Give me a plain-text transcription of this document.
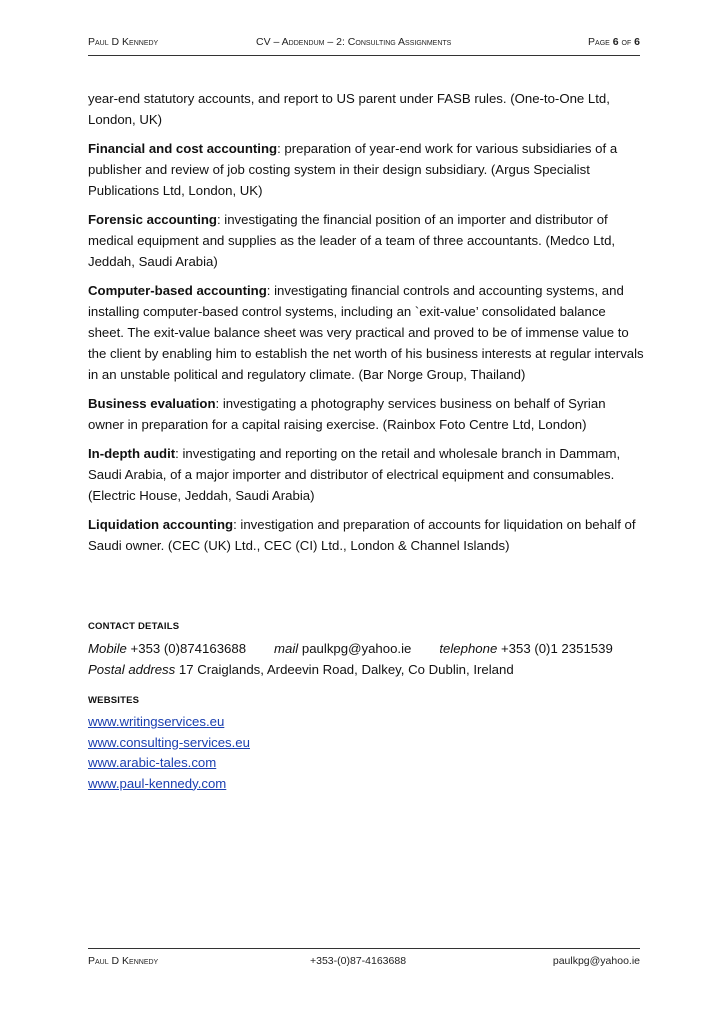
Paul D Kennedy	CV – Addendum – 2: Consulting Assignments	Page 6 of 6

year-end statutory accounts, and report to US parent under FASB rules. (One-to-One Ltd, London, UK)

Financial and cost accounting: preparation of year-end work for various subsidiaries of a publisher and review of job costing system in their design subsidiary. (Argus Specialist Publications Ltd, London, UK)

Forensic accounting: investigating the financial position of an importer and distributor of medical equipment and supplies as the leader of a team of three accountants. (Medco Ltd, Jeddah, Saudi Arabia)

Computer-based accounting: investigating financial controls and accounting systems, and installing computer-based control systems, including an `exit-value’ consolidated balance sheet. The exit-value balance sheet was very practical and proved to be of immense value to the client by enabling him to establish the net worth of his business interests at regular intervals in an unstable political and regulatory climate. (Bar Norge Group, Thailand)

Business evaluation: investigating a photography services business on behalf of Syrian owner in preparation for a capital raising exercise. (Rainbox Foto Centre Ltd, London)

In-depth audit: investigating and reporting on the retail and wholesale branch in Dammam, Saudi Arabia, of a major importer and distributor of electrical equipment and consumables. (Electric House, Jeddah, Saudi Arabia)

Liquidation accounting: investigation and preparation of accounts for liquidation on behalf of Saudi owner. (CEC (UK) Ltd., CEC (CI) Ltd., London & Channel Islands)

CONTACT DETAILS
Mobile +353 (0)874163688 mail paulkpg@yahoo.ie telephone +353 (0)1 2351539
Postal address 17 Craiglands, Ardeevin Road, Dalkey, Co Dublin, Ireland
WEBSITES
www.writingservices.eu
www.consulting-services.eu
www.arabic-tales.com
www.paul-kennedy.com
Paul D Kennedy	+353-(0)87-4163688	paulkpg@yahoo.ie
